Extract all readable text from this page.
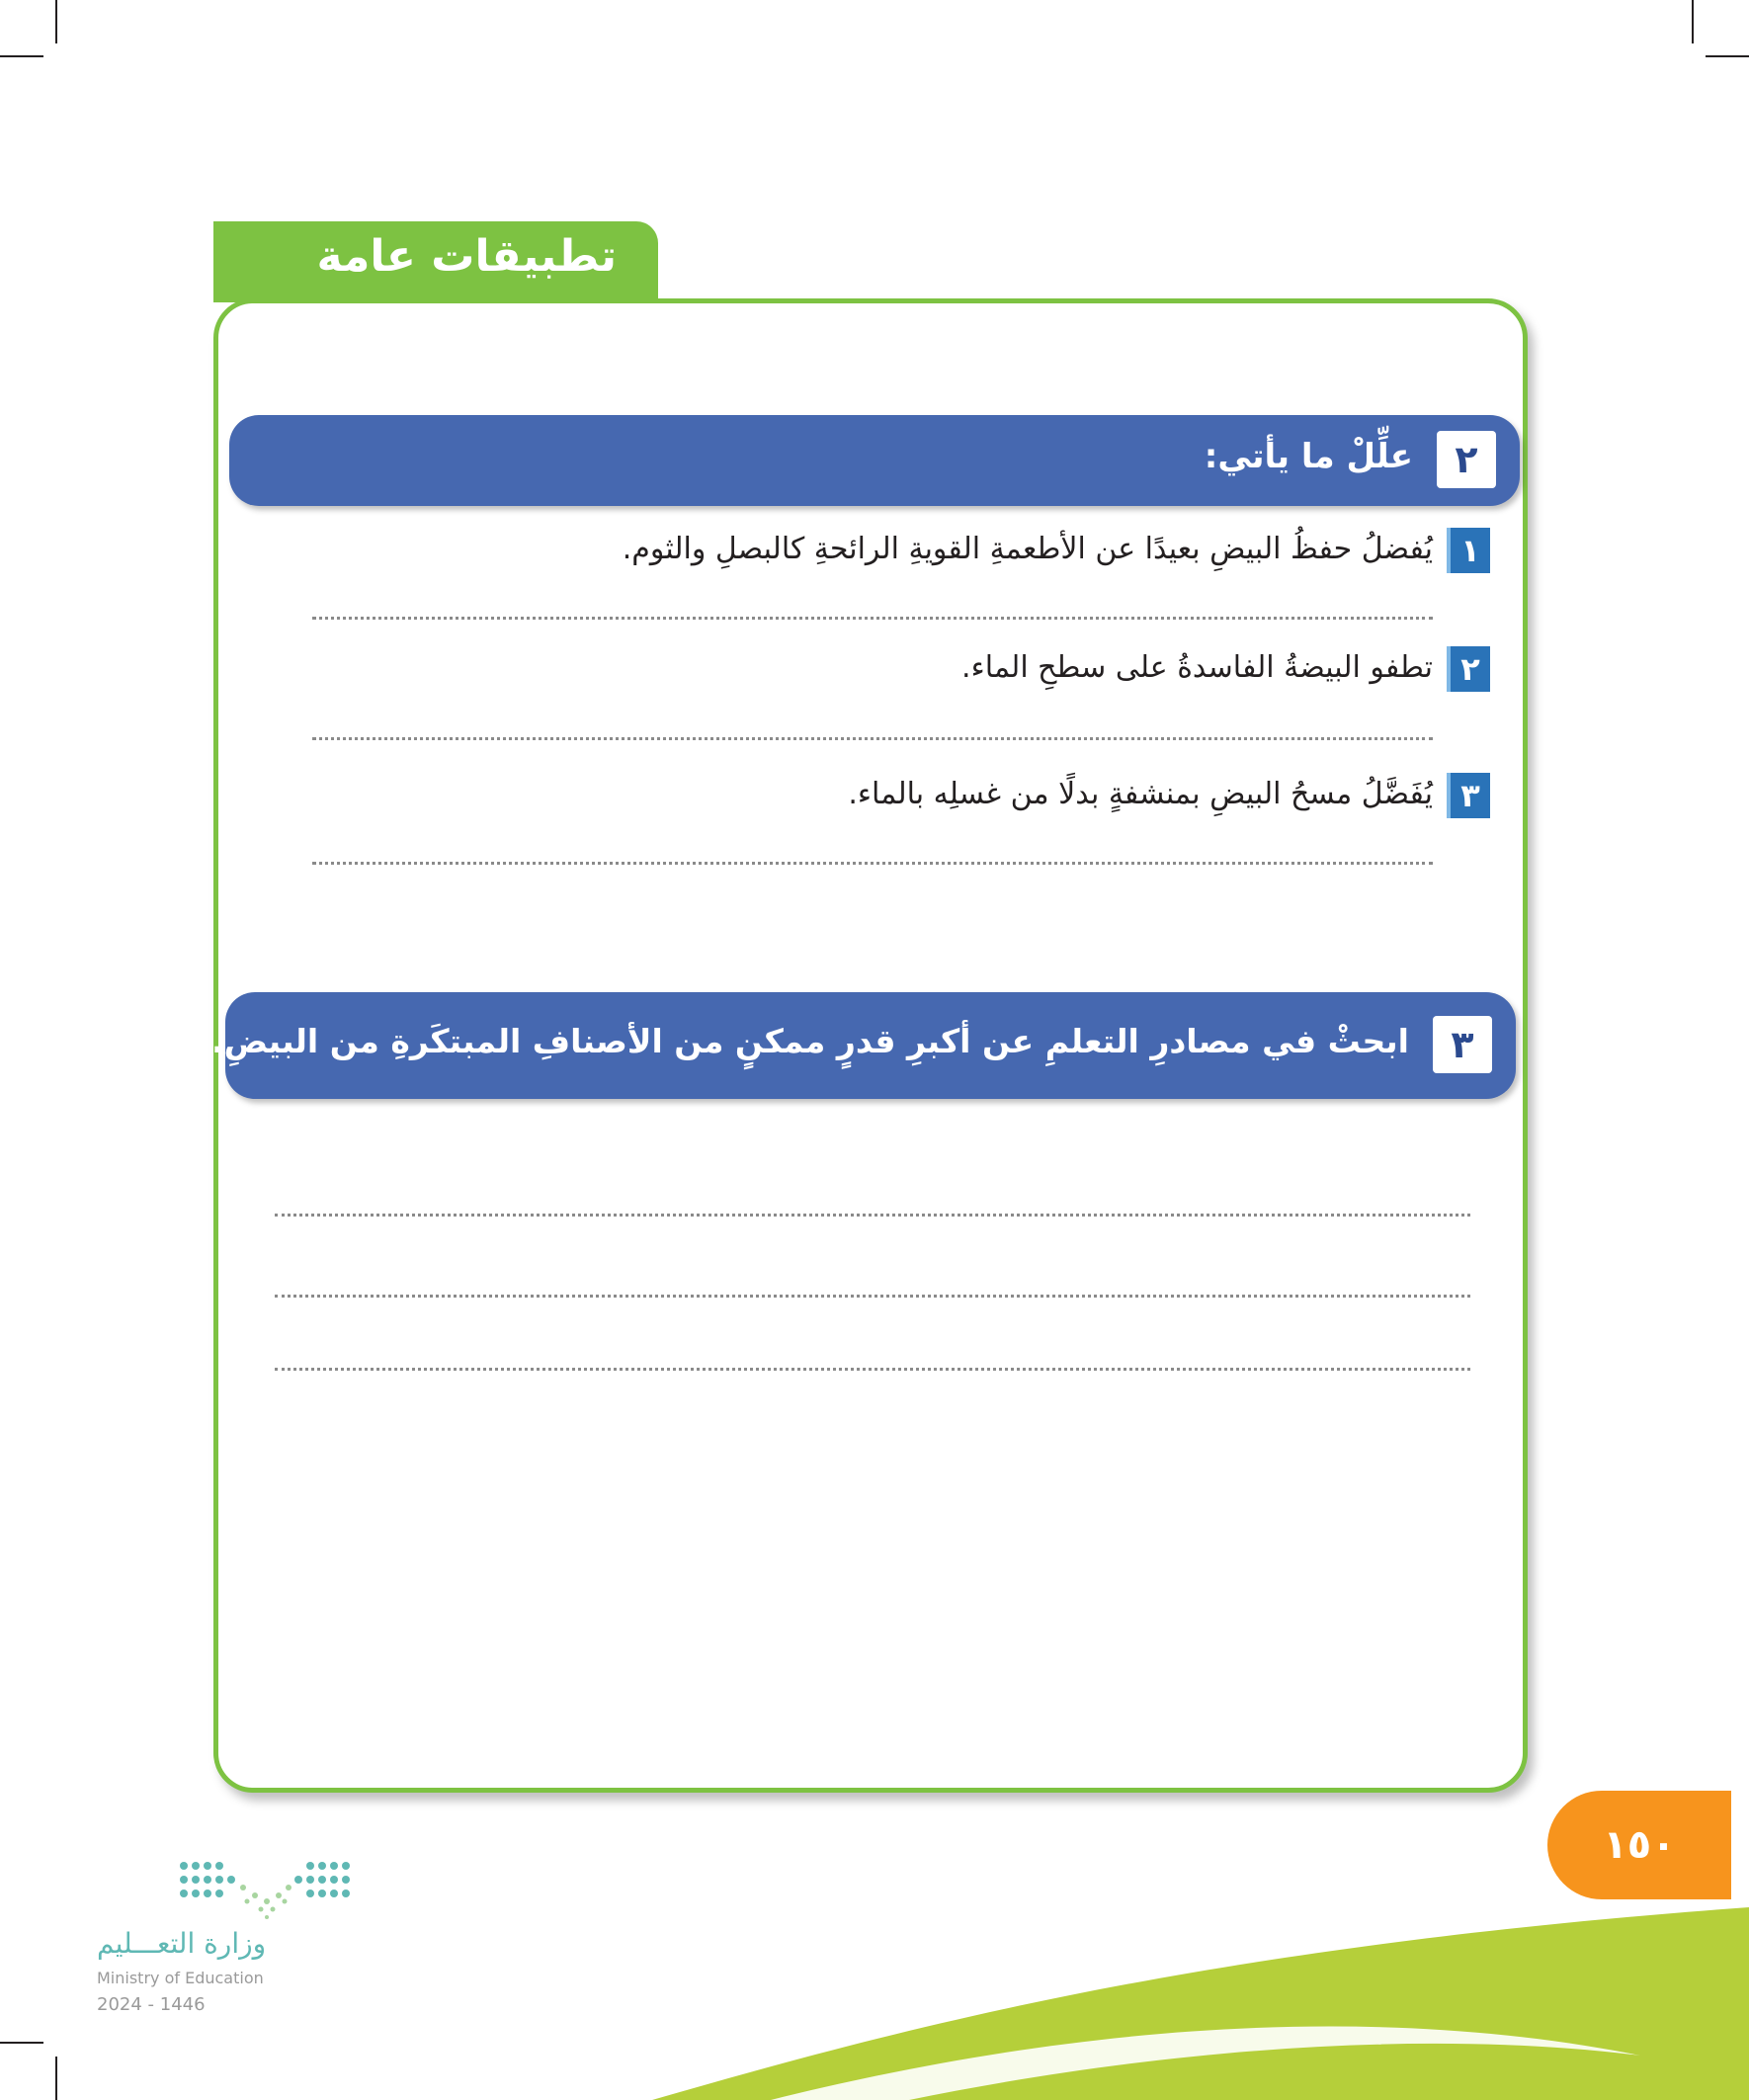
تطبيقات عامة
٢
علِّلْ ما يأتي:
١
يُفضلُ حفظُ البيضِ بعيدًا عن الأطعمةِ القويةِ الرائحةِ كالبصلِ والثوم.
٢
تطفو البيضةُ الفاسدةُ على سطحِ الماء.
٣
يُفَضَّلُ مسحُ البيضِ بمنشفةٍ بدلًا من غسلِه بالماء.
٣
ابحثْ في مصادرِ التعلمِ عن أكبرِ قدرٍ ممكنٍ من الأصنافِ المبتكَرةِ من البيضِ.
١٥٠
وزارة التعـــليم
Ministry of Education
2024 - 1446
